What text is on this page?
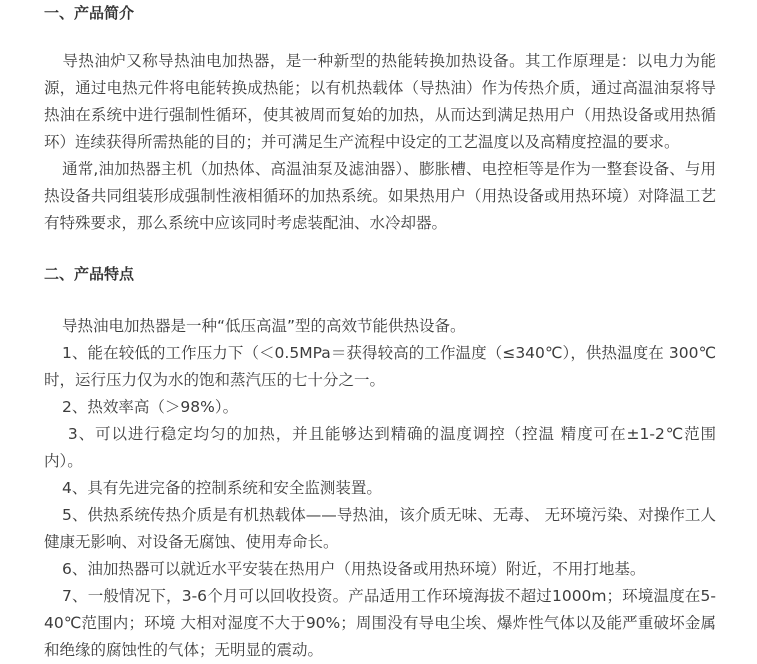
一、产品简介

导热油炉又称导热油电加热器，是一种新型的热能转换加热设备。其工作原理是：以电力为能源，通过电热元件将电能转换成热能；以有机热载体（导热油）作为传热介质，通过高温油泵将导热油在系统中进行强制性循环，使其被周而复始的加热，从而达到满足热用户（用热设备或用热循环）连续获得所需热能的目的；并可满足生产流程中设定的工艺温度以及高精度控温的要求。

通常,油加热器主机（加热体、高温油泵及滤油器）、膨胀槽、电控柜等是作为一整套设备、与用热设备共同组装形成强制性液相循环的加热系统。如果热用户（用热设备或用热环境）对降温工艺有特殊要求，那么系统中应该同时考虑装配油、水冷却器。

二、产品特点

导热油电加热器是一种“低压高温”型的高效节能供热设备。

1、能在较低的工作压力下（＜0.5MPa＝获得较高的工作温度（≤340℃），供热温度在 300℃时，运行压力仅为水的饱和蒸汽压的七十分之一。

2、热效率高（＞98%）。

3、可以进行稳定均匀的加热，并且能够达到精确的温度调控（控温 精度可在±1-2℃范围内）。

4、具有先进完备的控制系统和安全监测装置。

5、供热系统传热介质是有机热载体——导热油，该介质无味、无毒、 无环境污染、对操作工人健康无影响、对设备无腐蚀、使用寿命长。

6、油加热器可以就近水平安装在热用户（用热设备或用热环境）附近，不用打地基。

7、一般情况下，3-6个月可以回收投资。产品适用工作环境海拔不超过1000m；环境温度在5-40℃范围内；环境 大相对湿度不大于90%；周围没有导电尘埃、爆炸性气体以及能严重破坏金属和绝缘的腐蚀性的气体；无明显的震动。
